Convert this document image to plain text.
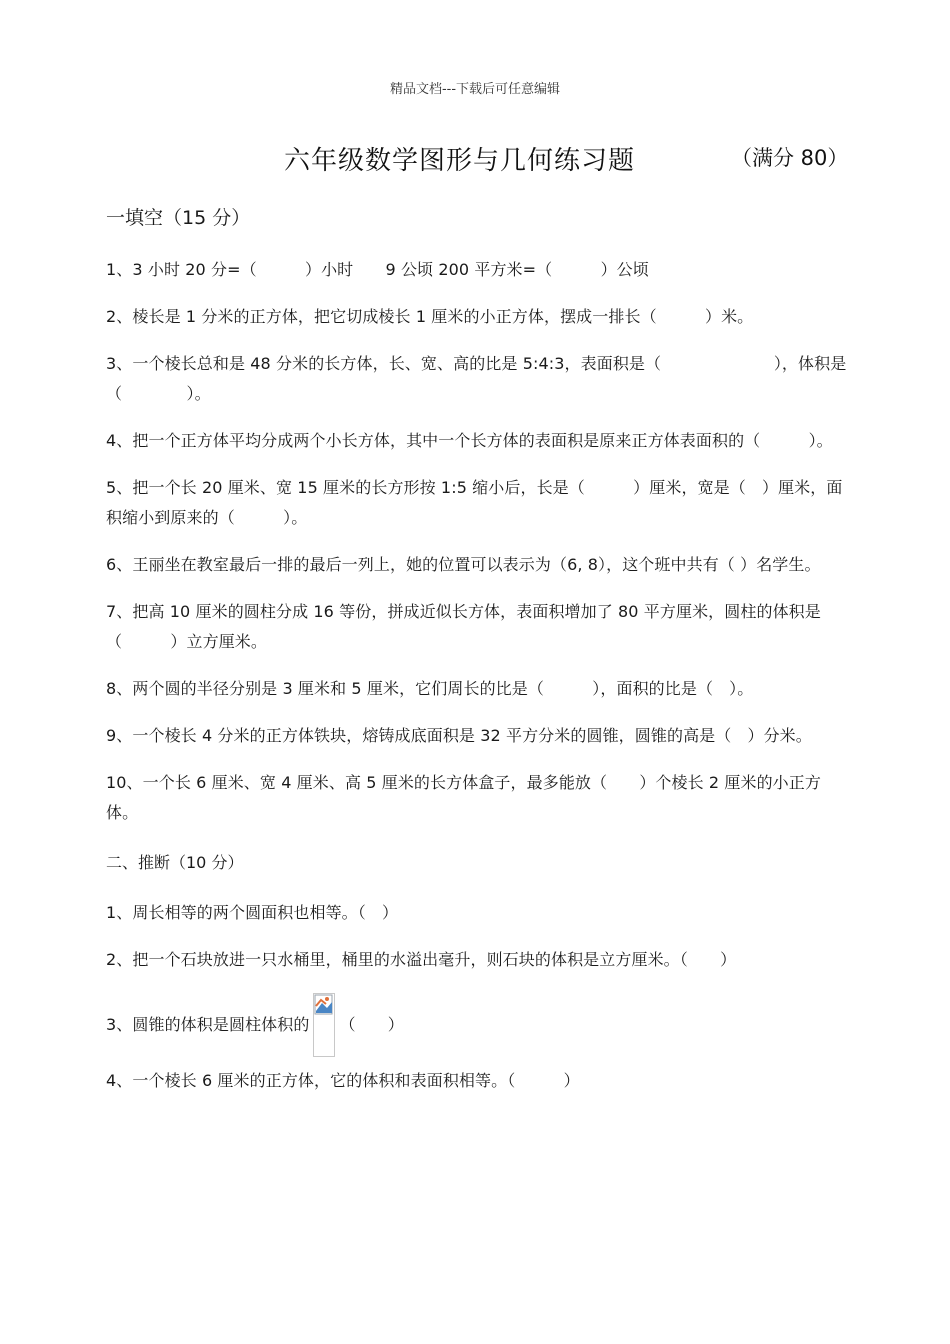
精品文档---下载后可任意编辑
六年级数学图形与几何练习题	（满分 80）
一填空（15 分）

1、3 小时 20 分=（　　　）小时　　9 公顷 200 平方米=（　　　）公顷

2、棱长是 1 分米的正方体，把它切成棱长 1 厘米的小正方体，摆成一排长（　　　）米。

3、一个棱长总和是 48 分米的长方体，长、宽、高的比是 5:4:3，表面积是（　　　　　　　），体积是（　　　　）。

4、把一个正方体平均分成两个小长方体，其中一个长方体的表面积是原来正方体表面积的（　　　）。

5、把一个长 20 厘米、宽 15 厘米的长方形按 1:5 缩小后，长是（　　　）厘米，宽是（　）厘米，面积缩小到原来的（　　　）。

6、王丽坐在教室最后一排的最后一列上，她的位置可以表示为（6, 8），这个班中共有（ ）名学生。

7、把高 10 厘米的圆柱分成 16 等份，拼成近似长方体，表面积增加了 80 平方厘米，圆柱的体积是（　　　）立方厘米。

8、两个圆的半径分别是 3 厘米和 5 厘米，它们周长的比是（　　　），面积的比是（　）。

9、一个棱长 4 分米的正方体铁块，熔铸成底面积是 32 平方分米的圆锥，圆锥的高是（　）分米。

10、一个长 6 厘米、宽 4 厘米、高 5 厘米的长方体盒子，最多能放（　　）个棱长 2 厘米的小正方体。

二、推断（10 分）

1、周长相等的两个圆面积也相等。（　）

2、把一个石块放进一只水桶里，桶里的水溢出毫升，则石块的体积是立方厘米。（　　）

3、圆锥的体积是圆柱体积的 （　　）

4、一个棱长 6 厘米的正方体，它的体积和表面积相等。（　　　）
